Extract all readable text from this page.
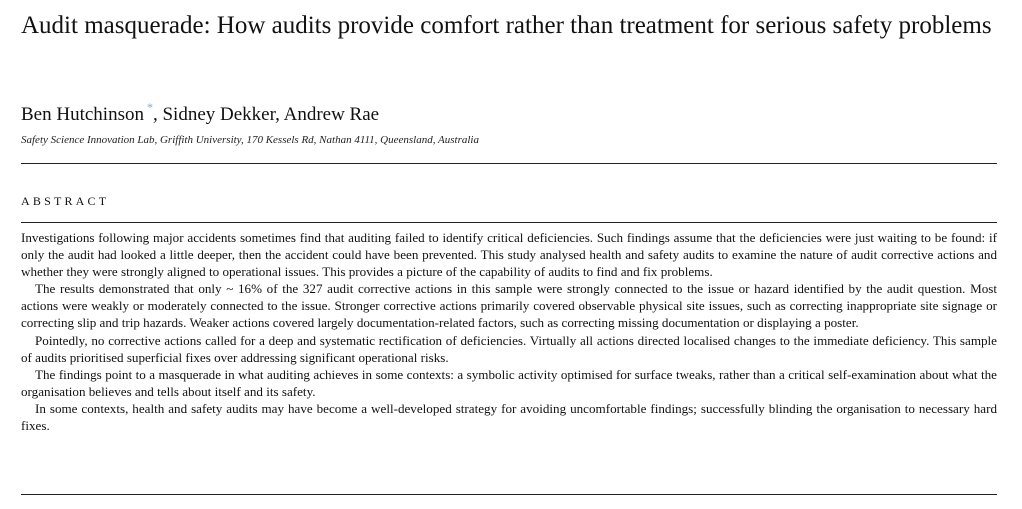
Audit masquerade: How audits provide comfort rather than treatment for serious safety problems
Ben Hutchinson *, Sidney Dekker, Andrew Rae
Safety Science Innovation Lab, Griffith University, 170 Kessels Rd, Nathan 4111, Queensland, Australia
ABSTRACT

Investigations following major accidents sometimes find that auditing failed to identify critical deficiencies. Such findings assume that the deficiencies were just waiting to be found: if only the audit had looked a little deeper, then the accident could have been prevented. This study analysed health and safety audits to examine the nature of audit corrective actions and whether they were strongly aligned to operational issues. This provides a picture of the capability of audits to find and fix problems.

The results demonstrated that only ~ 16% of the 327 audit corrective actions in this sample were strongly connected to the issue or hazard identified by the audit question. Most actions were weakly or moderately connected to the issue. Stronger corrective actions primarily covered observable physical site issues, such as correcting inappropriate site signage or correcting slip and trip hazards. Weaker actions covered largely documentation-related factors, such as correcting missing documentation or displaying a poster.

Pointedly, no corrective actions called for a deep and systematic rectification of deficiencies. Virtually all actions directed localised changes to the immediate deficiency. This sample of audits prioritised superficial fixes over addressing significant operational risks.

The findings point to a masquerade in what auditing achieves in some contexts: a symbolic activity optimised for surface tweaks, rather than a critical self-examination about what the organisation believes and tells about itself and its safety.

In some contexts, health and safety audits may have become a well-developed strategy for avoiding uncomfortable findings; successfully blinding the organisation to necessary hard fixes.
